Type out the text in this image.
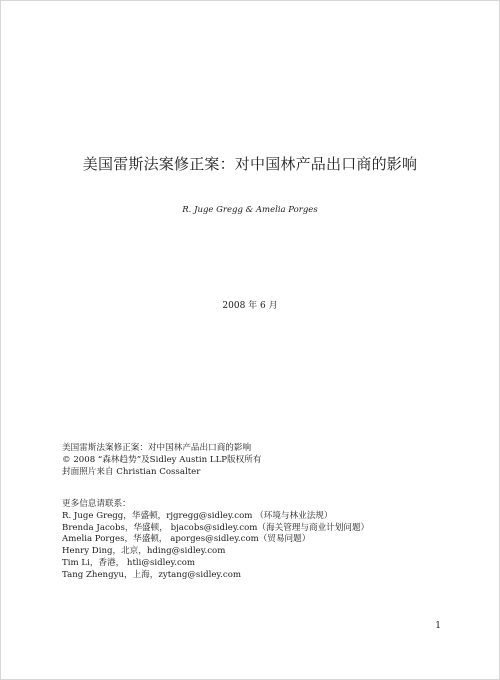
美国雷斯法案修正案：对中国林产品出口商的影响
R. Juge Gregg & Amelia Porges
2008 年 6 月
美国雷斯法案修正案：对中国林产品出口商的影响
© 2008 “森林趋势”及Sidley Austin LLP版权所有
封面照片来自 Christian Cossalter
更多信息请联系：
R. Juge Gregg，华盛顿，rjgregg@sidley.com （环境与林业法规）
Brenda Jacobs，华盛顿， bjacobs@sidley.com（海关管理与商业计划问题）
Amelia Porges，华盛顿， aporges@sidley.com（贸易问题）
Henry Ding，北京，hding@sidley.com
Tim Li，香港， htli@sidley.com
Tang Zhengyu，上海，zytang@sidley.com
1
